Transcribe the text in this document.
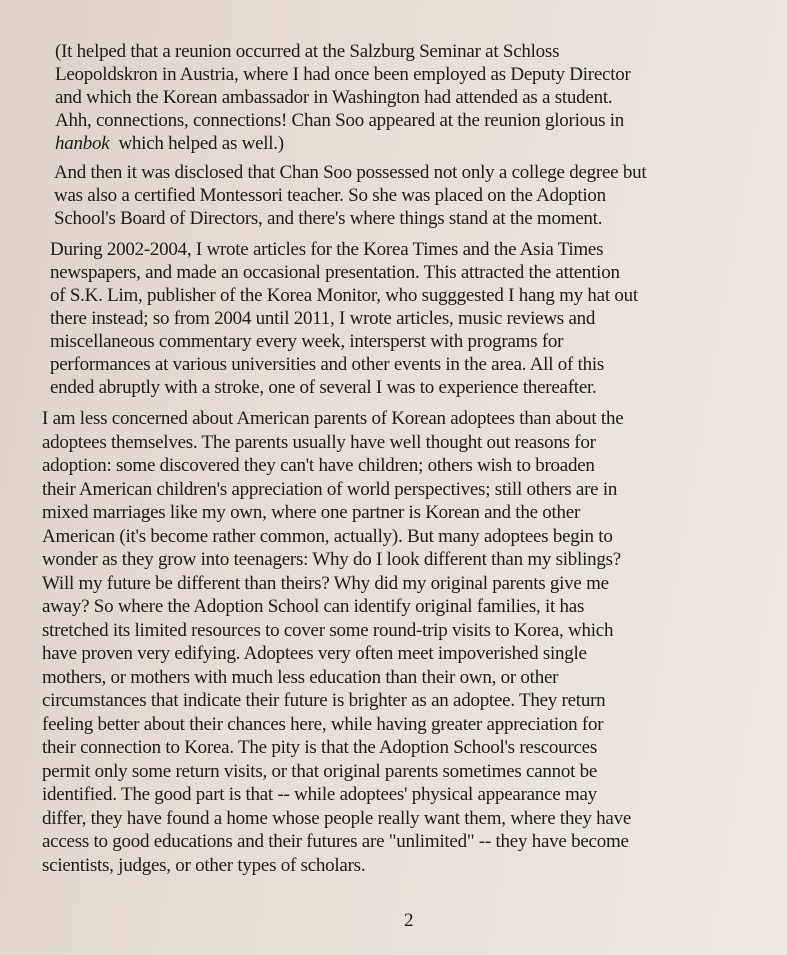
(It helped that a reunion occurred at the Salzburg Seminar at Schloss
Leopoldskron in Austria, where I had once been employed as Deputy Director
and which the Korean ambassador in Washington had attended as a student.
Ahh, connections, connections! Chan Soo appeared at the reunion glorious in
hanbok  which helped as well.)
And then it was disclosed that Chan Soo possessed not only a college degree but
was also a certified Montessori teacher. So she was placed on the Adoption
School's Board of Directors, and there's where things stand at the moment.
During 2002-2004, I wrote articles for the Korea Times and the Asia Times
newspapers, and made an occasional presentation. This attracted the attention
of S.K. Lim, publisher of the Korea Monitor, who sugggested I hang my hat out
there instead; so from 2004 until 2011, I wrote articles, music reviews and
miscellaneous commentary every week, intersperst with programs for
performances at various universities and other events in the area. All of this
ended abruptly with a stroke, one of several I was to experience thereafter.
I am less concerned about American parents of Korean adoptees than about the
adoptees themselves. The parents usually have well thought out reasons for
adoption: some discovered they can't have children; others wish to broaden
their American children's appreciation of world perspectives; still others are in
mixed marriages like my own, where one partner is Korean and the other
American (it's become rather common, actually). But many adoptees begin to
wonder as they grow into teenagers: Why do I look different than my siblings?
Will my future be different than theirs? Why did my original parents give me
away? So where the Adoption School can identify original families, it has
stretched its limited resources to cover some round-trip visits to Korea, which
have proven very edifying. Adoptees very often meet impoverished single
mothers, or mothers with much less education than their own, or other
circumstances that indicate their future is brighter as an adoptee. They return
feeling better about their chances here, while having greater appreciation for
their connection to Korea. The pity is that the Adoption School's rescources
permit only some return visits, or that original parents sometimes cannot be
identified. The good part is that -- while adoptees' physical appearance may
differ, they have found a home whose people really want them, where they have
access to good educations and their futures are "unlimited" -- they have become
scientists, judges, or other types of scholars.
2
